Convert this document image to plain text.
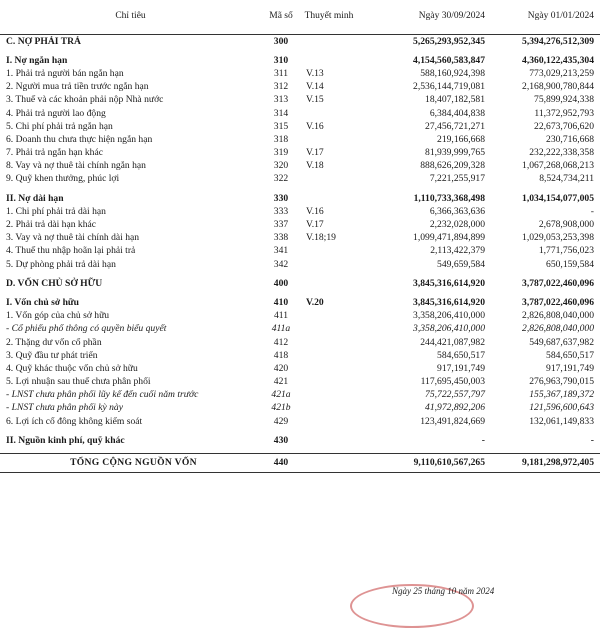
Chỉ tiêu	Mã số	Thuyết minh	Ngày 30/09/2024	Ngày 01/01/2024
C. NỢ PHẢI TRẢ	300		5,265,293,952,345	5,394,276,512,309

I. Nợ ngắn hạn	310		4,154,560,583,847	4,360,122,435,304
1. Phải trả người bán ngắn hạn	311	V.13	588,160,924,398	773,029,213,259
2. Người mua trả tiền trước ngắn hạn	312	V.14	2,536,144,719,081	2,168,900,780,844
3. Thuế và các khoản phải nộp Nhà nước	313	V.15	18,407,182,581	75,899,924,338
4. Phải trả người lao động	314		6,384,404,838	11,372,952,793
5. Chi phí phải trả ngắn hạn	315	V.16	27,456,721,271	22,673,706,620
6. Doanh thu chưa thực hiện ngắn hạn	318		219,166,668	230,716,668
7. Phải trả ngắn hạn khác	319	V.17	81,939,999,765	232,222,338,358
8. Vay và nợ thuê tài chính ngắn hạn	320	V.18	888,626,209,328	1,067,268,068,213
9. Quỹ khen thưởng, phúc lợi	322		7,221,255,917	8,524,734,211

II. Nợ dài hạn	330		1,110,733,368,498	1,034,154,077,005
1. Chi phí phải trả dài hạn	333	V.16	6,366,363,636	-
2. Phải trả dài hạn khác	337	V.17	2,232,028,000	2,678,908,000
3. Vay và nợ thuê tài chính dài hạn	338	V.18;19	1,099,471,894,899	1,029,053,253,398
4. Thuế thu nhập hoãn lại phải trả	341		2,113,422,379	1,771,756,023
5. Dự phòng phải trả dài hạn	342		549,659,584	650,159,584

D. VỐN CHỦ SỞ HỮU	400		3,845,316,614,920	3,787,022,460,096

I. Vốn chủ sở hữu	410	V.20	3,845,316,614,920	3,787,022,460,096
1. Vốn góp của chủ sở hữu	411		3,358,206,410,000	2,826,808,040,000
- Cổ phiếu phổ thông có quyền biểu quyết	411a		3,358,206,410,000	2,826,808,040,000
2. Thặng dư vốn cổ phần	412		244,421,087,982	549,687,637,982
3. Quỹ đầu tư phát triển	418		584,650,517	584,650,517
4. Quỹ khác thuộc vốn chủ sở hữu	420		917,191,749	917,191,749
5. Lợi nhuận sau thuế chưa phân phối	421		117,695,450,003	276,963,790,015
- LNST chưa phân phối lũy kế đến cuối năm trước	421a		75,722,557,797	155,367,189,372
- LNST chưa phân phối kỳ này	421b		41,972,892,206	121,596,600,643
6. Lợi ích cổ đông không kiểm soát	429		123,491,824,669	132,061,149,833

II. Nguồn kinh phí, quỹ khác	430		-	-

TỔNG CỘNG NGUỒN VỐN	440		9,110,610,567,265	9,181,298,972,405
Ngày 25 tháng 10 năm 2024
